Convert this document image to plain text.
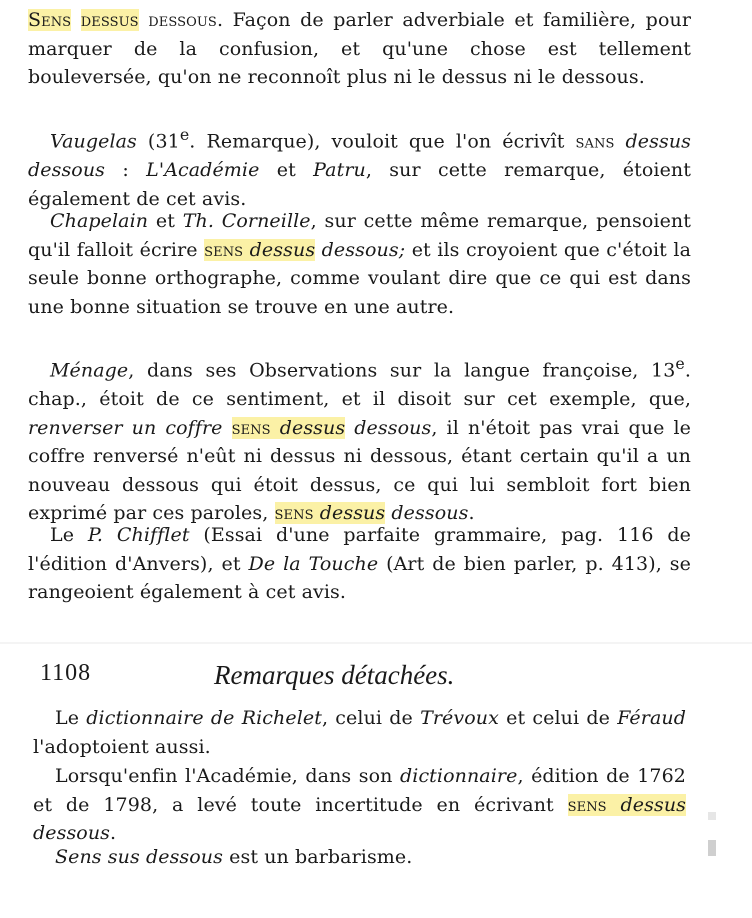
Sens dessus dessous. Façon de parler adverbiale et familière, pour marquer de la confusion, et qu'une chose est tellement bouleversée, qu'on ne reconnoît plus ni le dessus ni le dessous.

Vaugelas (31e. Remarque), vouloit que l'on écrivît sans dessus dessous : L'Académie et Patru, sur cette remarque, étoient également de cet avis.

Chapelain et Th. Corneille, sur cette même remarque, pensoient qu'il falloit écrire sens dessus dessous; et ils croyoient que c'étoit la seule bonne orthographe, comme voulant dire que ce qui est dans une bonne situation se trouve en une autre.

Ménage, dans ses Observations sur la langue françoise, 13e. chap., étoit de ce sentiment, et il disoit sur cet exemple, que, renverser un coffre sens dessus dessous, il n'étoit pas vrai que le coffre renversé n'eût ni dessus ni dessous, étant certain qu'il a un nouveau dessous qui étoit dessus, ce qui lui sembloit fort bien exprimé par ces paroles, sens dessus dessous.

Le P. Chifflet (Essai d'une parfaite grammaire, pag. 116 de l'édition d'Anvers), et De la Touche (Art de bien parler, p. 413), se rangeoient également à cet avis.

1108	Remarques détachées.

Le dictionnaire de Richelet, celui de Trévoux et celui de Féraud l'adoptoient aussi.

Lorsqu'enfin l'Académie, dans son dictionnaire, édition de 1762 et de 1798, a levé toute incertitude en écrivant sens dessus dessous.

Sens sus dessous est un barbarisme.
